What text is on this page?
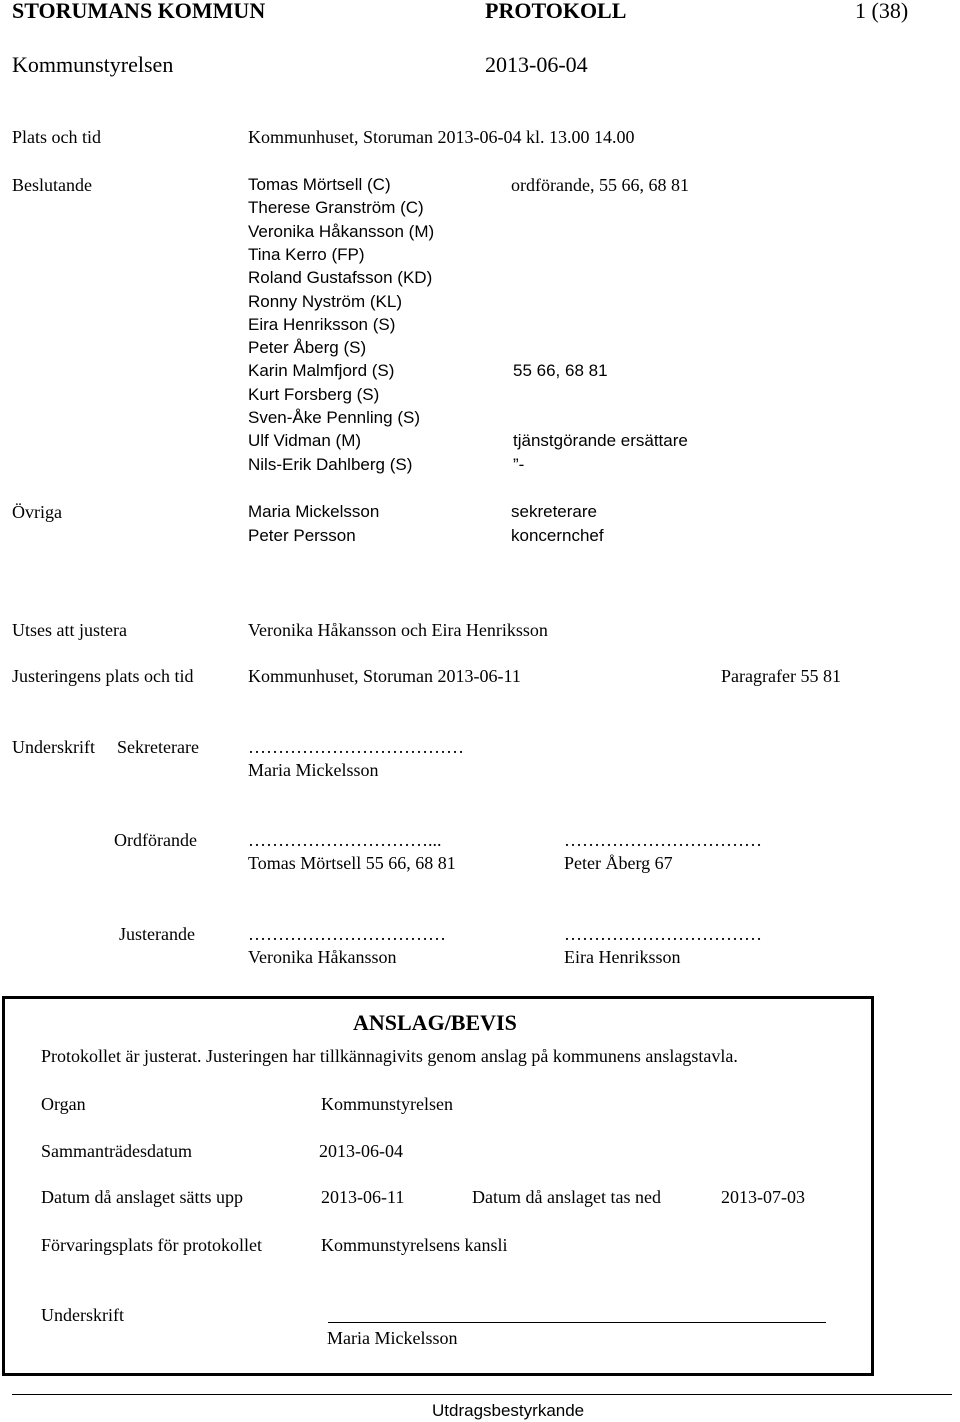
STORUMANS KOMMUN	PROTOKOLL	1 (38)
Kommunstyrelsen	2013-06-04
Plats och tid	Kommunhuset, Storuman 2013-06-04 kl. 13.00 14.00
Beslutande	Tomas Mörtsell (C)	ordförande, 55 66, 68 81
Therese Granström (C)
Veronika Håkansson (M)
Tina Kerro (FP)
Roland Gustafsson (KD)
Ronny Nyström (KL)
Eira Henriksson (S)
Peter Åberg (S)
Karin Malmfjord (S)	55 66, 68 81
Kurt Forsberg (S)
Sven-Åke Pennling (S)
Ulf Vidman (M)	tjänstgörande ersättare
Nils-Erik Dahlberg (S)	”-
Övriga	Maria Mickelsson	sekreterare
Peter Persson	koncernchef
Utses att justera	Veronika Håkansson och Eira Henriksson
Justeringens plats och tid	Kommunhuset, Storuman 2013-06-11	Paragrafer 55 81
Underskrift Sekreterare	………………………………
Maria Mickelsson
Ordförande	…………………………...	……………………………
Tomas Mörtsell 55 66, 68 81	Peter Åberg 67
Justerande	……………………………	……………………………
Veronika Håkansson	Eira Henriksson
ANSLAG/BEVIS
Protokollet är justerat. Justeringen har tillkännagivits genom anslag på kommunens anslagstavla.
Organ	Kommunstyrelsen
Sammanträdesdatum	2013-06-04
Datum då anslaget sätts upp	2013-06-11	Datum då anslaget tas ned	2013-07-03
Förvaringsplats för protokollet	Kommunstyrelsens kansli
Underskrift
Maria Mickelsson
Utdragsbestyrkande
